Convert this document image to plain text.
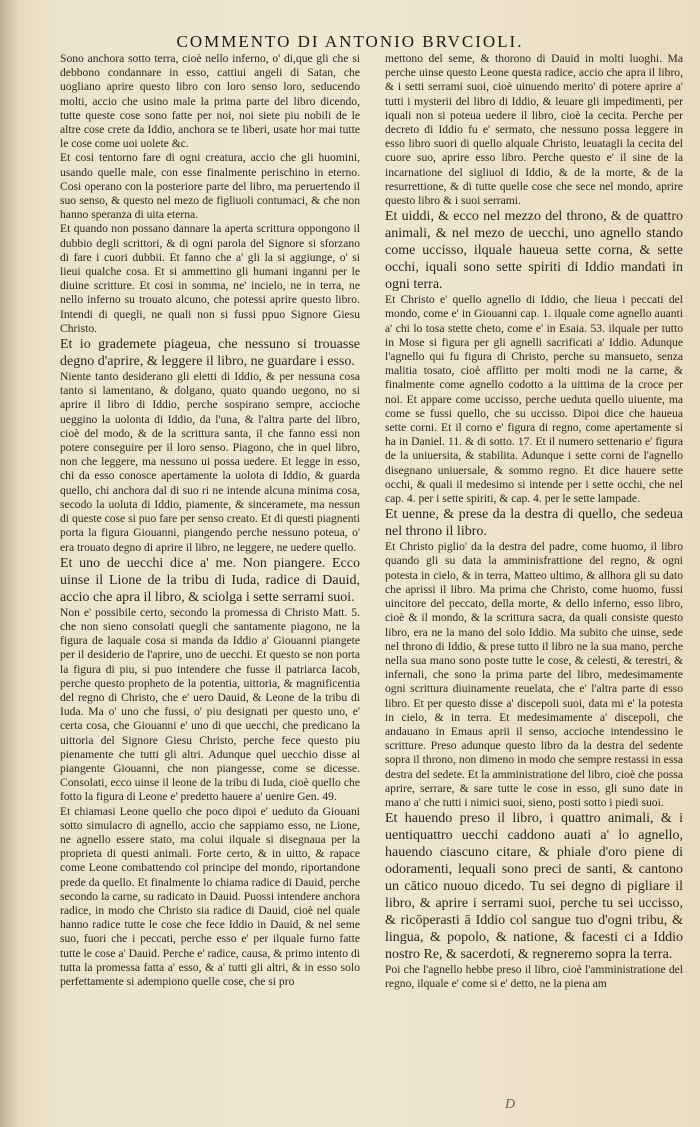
COMMENTO DI ANTONIO BRVCIOLI.

Sono anchora sotto terra, cioè nello inferno, o' di,que gli che si debbono condannare in esso, cattiui angeli di Satan, che uogliano aprire questo libro con loro senso loro, seducendo molti, accio che usino male la prima parte del libro dicendo, tutte queste cose sono fatte per noi, noi siete piu nobili de le altre cose crete da Iddio, anchora se te liberi, usate hor mai tutte le cose come uoi uolete &c.

Et cosi tentorno fare di ogni creatura, accio che gli huomini, usando quelle male, con esse finalmente perischino in eterno. Cosi operano con la posteriore parte del libro, ma peruertendo il suo senso, & questo nel mezo de figliuoli contumaci, & che non hanno speranza di uita eterna.

Et quando non possano dannare la aperta scrittura oppongono il dubbio degli scrittori, & di ogni parola del Signore si sforzano di fare i cuori dubbii. Et fanno che a' gli la si aggiunge, o' si lieui qualche cosa. Et si ammettino gli humani inganni per le diuine scritture. Et cosi in somma, ne' incielo, ne in terra, ne nello inferno su trouato alcuno, che potessi aprire questo libro. Intendi di quegli, ne quali non si fussi ppuo Signore Giesu Christo.

Et io grademete piageua, che nessuno si trouasse degno d'aprire, & leggere il libro, ne guardare i esso.

Niente tanto desiderano gli eletti di Iddio, & per nessuna cosa tanto si lamentano, & dolgano, quato quando uegono, no si aprire il libro di Iddio, perche sospirano sempre, accioche ueggino la uolonta di Iddio, da l'una, & l'altra parte del libro, cioè del modo, & de la scrittura santa, il che fanno essi non potere conseguire per il loro senso. Piagono, che in quel libro, non che leggere, ma nessuno ui possa uedere. Et legge in esso, chi da esso conosce apertamente la uolota di Iddio, & guarda quello, chi anchora dal di suo ri ne intende alcuna minima cosa, secodo la uoluta di Iddio, piamente, & sinceramete, ma nessun di queste cose si puo fare per senso creato. Et di questi piagnenti porta la figura Giouanni, piangendo perche nessuno poteua, o' era trouato degno di aprire il libro, ne leggere, ne uedere quello.

Et uno de uecchi dice a' me. Non piangere. Ecco uinse il Lione de la tribu di Iuda, radice di Dauid, accio che apra il libro, & sciolga i sette serrami suoi.

Non e' possibile certo, secondo la promessa di Christo Matt. 5. che non sieno consolati quegli che santamente piagono, ne la figura de laquale cosa si manda da Iddio a' Giouanni piangete per il desiderio de l'aprire, uno de uecchi. Et questo se non porta la figura di piu, si puo intendere che fusse il patriarca Iacob, perche questo propheto de la potentia, uittoria, & magnificentia del regno di Christo, che e' uero Dauid, & Leone de la tribu di Iuda. Ma o' uno che fussi, o' piu designati per questo uno, e' certa cosa, che Giouanni e' uno di que uecchi, che predicano la uittoria del Signore Giesu Christo, perche fece questo piu pienamente che tutti gli altri. Adunque quel uecchio disse al piangente Giouanni, che non piangesse, come se dicesse. Consolati, ecco uinse il leone de la tribu di Iuda, cioè quello che fotto la figura di Leone e' predetto hauere a' uenire Gen. 49.

Et chiamasi Leone quello che poco dipoi e' ueduto da Giouani sotto simulacro di agnello, accio che sappiamo esso, ne Lione, ne agnello essere stato, ma colui ilquale si disegnaua per la proprieta di questi animali. Forte certo, & in uitto, & rapace come Leone combattendo col principe del mondo, riportandone prede da quello. Et finalmente lo chiama radice di Dauid, perche secondo la carne, su radicato in Dauid. Puossi intendere anchora radice, in modo che Christo sia radice di Dauid, cioè nel quale hanno radice tutte le cose che fece Iddio in Dauid, & nel seme suo, fuori che i peccati, perche esso e' per ilquale furno fatte tutte le cose a' Dauid. Perche e' radice, causa, & primo intento di tutta la promessa fatta a' esso, & a' tutti gli altri, & in esso solo perfettamente si adempiono quelle cose, che si pro

mettono del seme, & thorono di Dauid in molti luoghi. Ma perche uinse questo Leone questa radice, accio che apra il libro, & i setti serrami suoi, cioè uinuendo merito' di potere aprire a' tutti i mysterii del libro di Iddio, & leuare gli impedimenti, per iquali non si poteua uedere il libro, cioè la cecita. Perche per decreto di Iddio fu e' sermato, che nessuno possa leggere in esso libro suori di quello alquale Christo, leuatagli la cecita del cuore suo, aprire esso libro. Perche questo e' il sine de la incarnatione del sigliuol di Iddio, & de la morte, & de la resurrettione, & di tutte quelle cose che sece nel mondo, aprire questo libro & i suoi serrami.

Et uiddi, & ecco nel mezzo del throno, & de quattro animali, & nel mezo de uecchi, uno agnello stando come uccisso, ilquale haueua sette corna, & sette occhi, iquali sono sette spiriti di Iddio mandati in ogni terra.

Et Christo e' quello agnello di Iddio, che lieua i peccati del mondo, come e' in Giouanni cap. 1. ilquale come agnello auanti a' chi lo tosa stette cheto, come e' in Esaia. 53. ilquale per tutto in Mose si figura per gli agnelli sacrificati a' Iddio. Adunque l'agnello qui fu figura di Christo, perche su mansueto, senza malitia tosato, cioè afflitto per molti modi ne la carne, & finalmente come agnello codotto a la uittima de la croce per noi. Et appare come uccisso, perche ueduta quello uiuente, ma come se fussi quello, che su uccisso. Dipoi dice che haueua sette corni. Et il corno e' figura di regno, come apertamente si ha in Daniel. 11. & di sotto. 17. Et il numero settenario e' figura de la uniuersita, & stabilita. Adunque i sette corni de l'agnello disegnano uniuersale, & sommo regno. Et dice hauere sette occhi, & quali il medesimo si intende per i sette occhi, che nel cap. 4. per i sette spiriti, & cap. 4. per le sette lampade.

Et uenne, & prese da la destra di quello, che sedeua nel throno il libro.

Et Christo piglio' da la destra del padre, come huomo, il libro quando gli su data la amminisfrattione del regno, & ogni potesta in cielo, & in terra, Matteo ultimo, & allhora gli su dato che aprissi il libro. Ma prima che Christo, come huomo, fussi uincitore del peccato, della morte, & dello inferno, esso libro, cioè & il mondo, & la scrittura sacra, da quali consiste questo libro, era ne la mano del solo Iddio. Ma subito che uinse, sede nel throno di Iddio, & prese tutto il libro ne la sua mano, perche nella sua mano sono poste tutte le cose, & celesti, & terestri, & infernali, che sono la prima parte del libro, medesimamente ogni scrittura diuinamente reuelata, che e' l'altra parte di esso libro. Et per questo disse a' discepoli suoi, data mi e' la potesta in cielo, & in terra. Et medesimamente a' discepoli, che andauano in Emaus aprii il senso, accioche intendessino le scritture. Preso adunque questo libro da la destra del sedente sopra il throno, non dimeno in modo che sempre restassi in essa destra del sedete. Et la amministratione del libro, cioè che possa aprire, serrare, & sare tutte le cose in esso, gli suno date in mano a' che tutti i nimici suoi, sieno, posti sotto i piedi suoi.

Et hauendo preso il libro, i quattro animali, & i uentiquattro uecchi caddono auati a' lo agnello, hauendo ciascuno citare, & phiale d'oro piene di odoramenti, lequali sono preci de santi, & cantono un cātico nuouo dicedo. Tu sei degno di pigliare il libro, & aprire i serrami suoi, perche tu sei uccisso, & ricōperasti ā Iddio col sangue tuo d'ogni tribu, & lingua, & popolo, & natione, & facesti ci a Iddio nostro Re, & sacerdoti, & regneremo sopra la terra.

Poi che l'agnello hebbe preso il libro, cioè l'amministratione del regno, ilquale e' come si e' detto, ne la piena am

D
